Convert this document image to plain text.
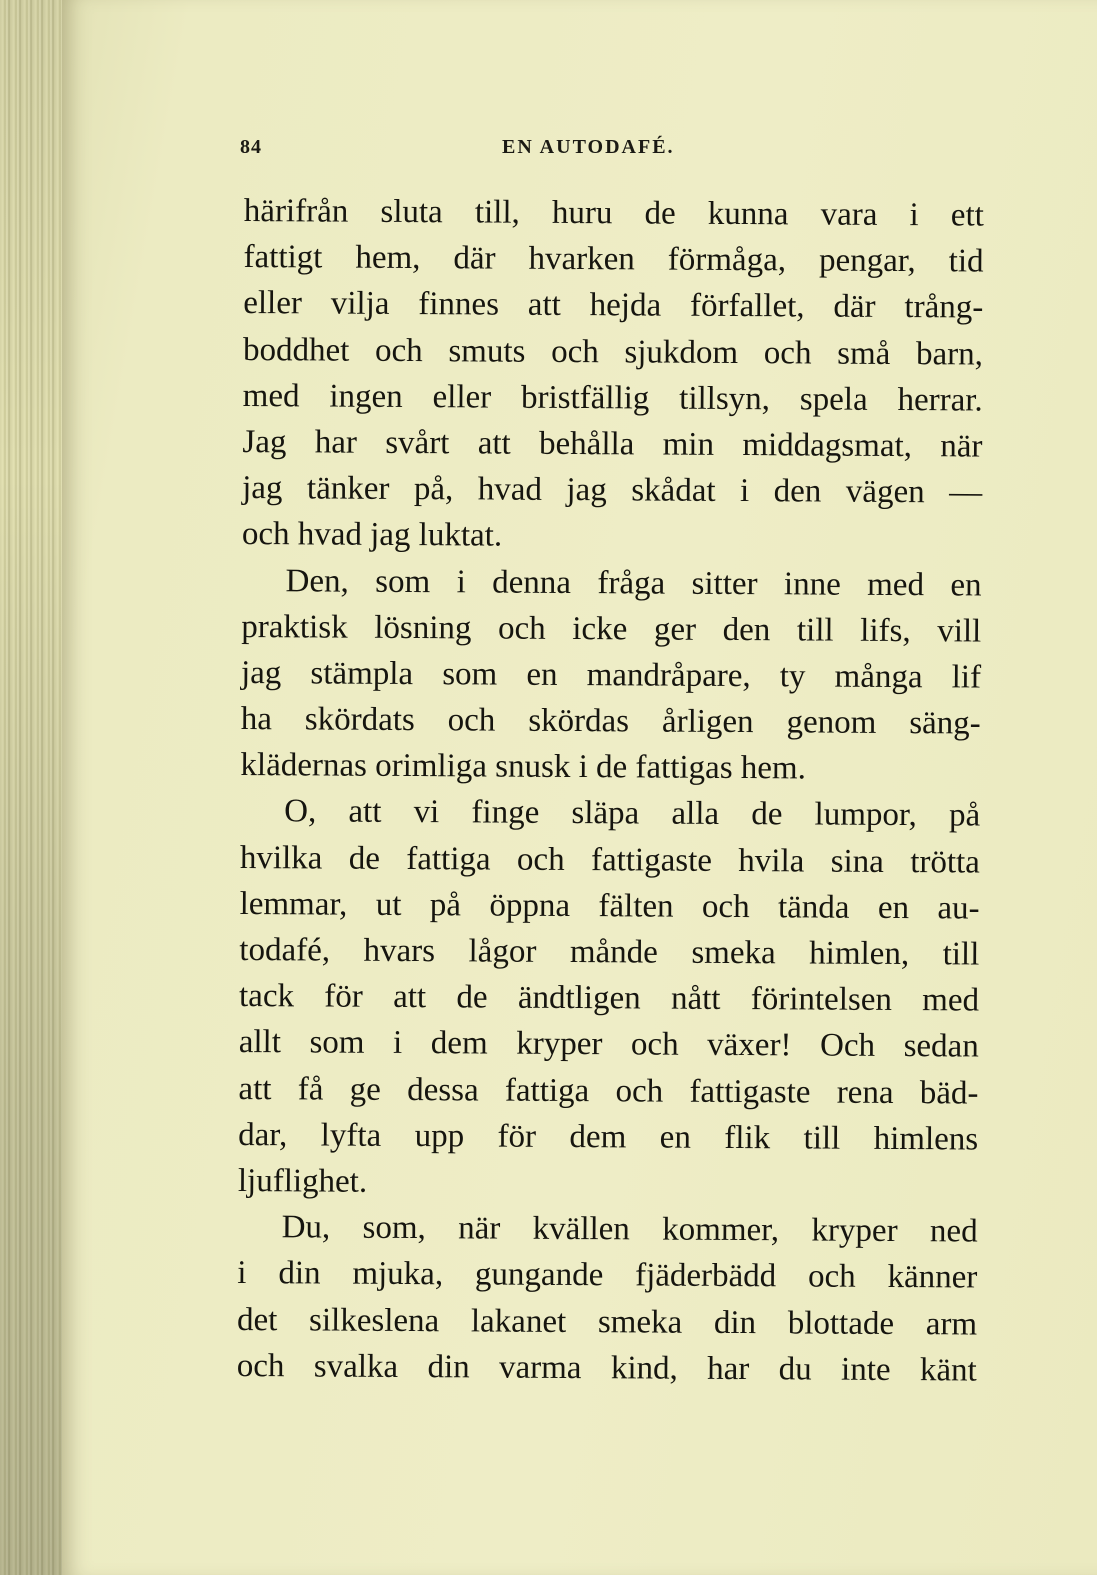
84	EN AUTODAFÉ.
härifrån sluta till, huru de kunna vara i ett
fattigt hem, där hvarken förmåga, pengar, tid
eller vilja finnes att hejda förfallet, där trång-
boddhet och smuts och sjukdom och små barn,
med ingen eller bristfällig tillsyn, spela herrar.
Jag har svårt att behålla min middagsmat, när
jag tänker på, hvad jag skådat i den vägen —
och hvad jag luktat.
Den, som i denna fråga sitter inne med en
praktisk lösning och icke ger den till lifs, vill
jag stämpla som en mandråpare, ty många lif
ha skördats och skördas årligen genom säng-
klädernas orimliga snusk i de fattigas hem.
O, att vi finge släpa alla de lumpor, på
hvilka de fattiga och fattigaste hvila sina trötta
lemmar, ut på öppna fälten och tända en au-
todafé, hvars lågor månde smeka himlen, till
tack för att de ändtligen nått förintelsen med
allt som i dem kryper och växer! Och sedan
att få ge dessa fattiga och fattigaste rena bäd-
dar, lyfta upp för dem en flik till himlens
ljuflighet.
Du, som, när kvällen kommer, kryper ned
i din mjuka, gungande fjäderbädd och känner
det silkeslena lakanet smeka din blottade arm
och svalka din varma kind, har du inte känt
